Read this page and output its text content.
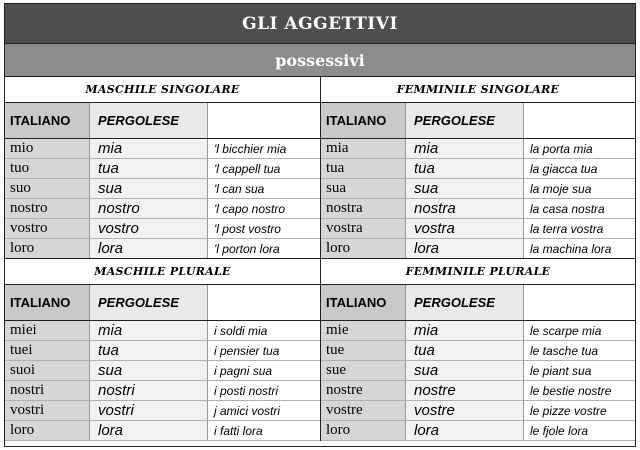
GLI AGGETTIVI
possessivi
MASCHILE SINGOLARE
ITALIANO PERGOLESE
mio	mia	'l bicchier mia
tuo	tua	'l cappell tua
suo	sua	'l can sua
nostro	nostro	'l capo nostro
vostro	vostro	'l post vostro
loro	lora	'l porton lora
FEMMINILE SINGOLARE
ITALIANO PERGOLESE
mia	mia	la porta mia
tua	tua	la giacca tua
sua	sua	la moje sua
nostra	nostra	la casa nostra
vostra	vostra	la terra vostra
loro	lora	la machina lora
MASCHILE PLURALE
ITALIANO PERGOLESE
miei	mia	i soldi mia
tuei	tua	i pensier tua
suoi	sua	i pagni sua
nostri	nostri	i posti nostri
vostri	vostri	j amici vostri
loro	lora	i fatti lora
FEMMINILE PLURALE
ITALIANO PERGOLESE
mie	mia	le scarpe mia
tue	tua	le tasche tua
sue	sua	le piant sua
nostre	nostre	le bestie nostre
vostre	vostre	le pizze vostre
loro	lora	le fjole lora
